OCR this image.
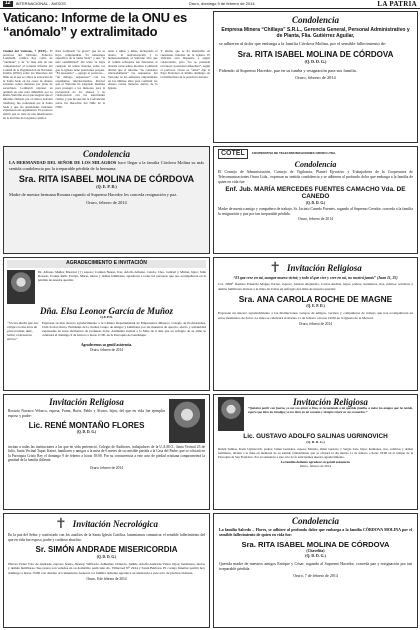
12	INTERNACIONAL - AVISOS	Oruro, domingo 9 de febrero de 2014	LA PATRIA
Vaticano: Informe de la ONU es “anómalo” y extralimitado
Ciudad del Vaticano, 7 (EFE).- El portavoz del Vaticano, Federico Lombardi, calificó hoy como de “anómalo” y de “ir más allá de sus competencias” el reciente informe del Comité de la Organización de Naciones Unidas (ONU) sobre los Derechos del Niño en el que se critica la actuación de la Santa Sede en los casos de abusos sexuales contra menores por parte de sacerdotes. Lombardi expresó su opinión en una nota difundida por la Radio Vaticano en el que aseguró que el informe, firmado por el relator, Kirsten Sandberg, fue contestado por la Santa Sede y que las autoridades vaticanas expusieron sus argumentos. El portavoz indicó que se trata de una interferencia en la doctrina de la Iglesia católica.
Para Lombardi “es grave” que no se haya comprendido “la naturaleza específica de la Santa Sede”, y que “la neta sensibilidad” del texto se haya centrado en temas morales sobre los que la Iglesia tiene posiciones propias. “Es necesario” —agregó el portavoz— “un diálogo respetuoso” con los organismos internacionales. Precisó que el Vaticano ha adoptado medidas para proteger a los menores, para la prevención de los abusos y su colaboración con las autoridades civiles, y que ha suscrito la Convención sobre los Derechos del Niño de la ONU.
tanto a niños y niñas, incluyendo el aborto, la anticoncepción y la homosexualidad, el Vaticano dice que el comité sobrepasa sus funciones al abordar estos temas morales. Lombardi afirmó que el informe “no considera adecuadamente” las respuestas del Vaticano ni los esfuerzos emprendidos en los últimos años para combatir los abusos contra menores dentro de la Iglesia.
Y afirma que se ha interferido en cuestiones internas de la Iglesia. El Vaticano está dispuesto a seguir colaborando, pero “no se pretende reconocer posiciones diferentes”, según el portavoz. Cristo es “amor” dijo el Papa Francisco el último domingo, en la misma línea de la posición vaticana.
Condolencia
Empresa Minera “Chillaya” S.R.L., Gerencia General, Personal Administrativo y de Planta, Flia. Gutiérrez Aguilar,
se adhieren al dolor que embarga a la familia Córdova Molina, por el sensible fallecimiento de:
Sra. RITA ISABEL MOLINA DE CÓRDOVA
(Q. D. D. G.)
Pidiendo al Supremo Hacedor, paz en su tumba y resignación para sus familia.
Oruro, febrero de 2014
Condolencia
LA HERMANDAD DEL SEÑOR DE LOS MILAGROS hace llegar a la familia Córdova Molina su más sentida condolencia por la irreparable pérdida de la hermana:
Sra. RITA ISABEL MOLINA DE CÓRDOVA
(Q. E. P. D.)
Madre de nuestra hermana Roxana rogando al Supremo Hacedor les conceda resignación y paz.
Oruro, febrero de 2014
COTEL	COOPERATIVA DE TELECOMUNICACIONES ORURO LTDA.
Condolencia
El Consejo de Administración, Consejo de Vigilancia, Plantel Ejecutivo y Trabajadores de la Cooperativa de Telecomunicaciones Oruro Ltda., expresan su sentida condolencia y se adhieren al profundo dolor que embarga a la familia de quien en vida fue:
Enf. Jub. MARÍA MERCEDES FUENTES CAMACHO Vda. DE CANEDO
(Q. D. D. G.)
Madre de nuestro amigo y compañero de trabajo, Sr. Jacinto Canedo Fuentes, rogando al Supremo Creador, conceda a la familia la resignación y paz por tan irreparable pérdida.
Oruro, febrero de 2014
AGRADECIMIENTO E INVITACIÓN
Dr. Alfonso Muñoz Marzani (†) esposo; Carmen Neusa, Iver, Adolfo Alfonso, Gloria, Cleo, Gabriel y Mirian, hijos; Julia Rosario, Ivonne Ruth, Evelyn, María, nietos y demás familiares, agradecen a todas las personas que nos acompañaron en la pérdida de nuestra querida:
Dña. Elsa Leonor García de Muñoz
Q.E.P.D.
“Si eres dueño que nos cobija en esta hora de gran tristeza, dale, Señor, el descanso eterno”
Expresan su más sincero agradecimiento a la Cámara Departamental de Empresarios Mineros, Colegio de Profesionales, Club Social Oruro, Entidades de la ciudad, Grupo de amigos y familiares por las muestras de aprecio, afecto y solidaridad expresadas en estos momentos de profundo dolor. Asimismo invitan a la Misa de 9 días que en sufragio de su alma se celebrará el domingo 9 de febrero a horas 11:00, en la Parroquia de Guadalupe.
Agradecemos su gentil asistencia.
Oruro, febrero de 2014
✝ Invitación Religiosa
“El que cree en mí, aunque muera vivirá; y todo el que vive y cree en mí, no morirá jamás” (Juan 11, 25)
Col. 2009ª. Ramiro Eduardo Magne Torres, esposo; Sansón Alejandro, Carlos Andrés, hijos; padres, hermanos, tíos, primos, sobrinos y demás familiares invitan a la misa de 9 días en sufragio del alma de nuestra querida:
Sra. ANA CAROLA ROCHE DE MAGNE
(Q. E. P. D.)
Expresan un sincero agradecimiento a las Instituciones, Grupos de amigos, vecinos y compañeros de trabajo que nos acompañaron en estos momentos de dolor. La misa se celebrará el martes 11 de febrero a horas 19:00 en la Iglesia de la Merced.
Oruro, febrero de 2014
Invitación Religiosa
Rosario Navarro Velasco, esposa; Franz, Boris, Pablo y Alvaro, hijos; del que en vida fue ejemplar esposo y padre:
Lic. RENÉ MONTAÑO FLORES
(Q. D. D. G.)
invitan a todas las instituciones a las que en vida perteneció, Colegio de Auditores, trabajadores de la U.A.M.O., Junta Vecinal 23 de Julio, Junta Vecinal Tupac Katari, familiares y amigos a la misa de 6 meses de su sensible partida a la Casa del Padre, que se oficiará en la Parroquia Cristo Rey el domingo 9 de febrero a horas 18:00. Por su concurrencia a este acto de piedad cristiana comprometerá la gratitud de la familia doliente.
Oruro, febrero de 2014
Invitación Religiosa
“Quisiera partir con fuerza, yo me veo mirar a Dios, te recomiendo a mi querida familia, a todos los amigos que he tenido, espero que Dios los bendiga; yo los llevo en mi corazón y siempre estaré en sus recuerdos.”
Lic. GUSTAVO ADOLFO SALINAS UGRINOVICH
(Q. D. D. G.)
Rubén Salinas, Karla Ugrinovich, padres; Lilian Gonzales, esposa; Mariela, Omar Gustavo y Sergio Luis, hijos; hermanos, tíos, sobrinos y demás familiares, invitan a la misa en memoria de su sentido fallecimiento que se oficiará el día martes 11 de febrero a horas 18:00 en el templo de la Parroquia de San Francisco. Por su asistencia a este acto de fe anticipamos nuestro agradecimiento.
La familia doliente agradece su gentil asistencia.
Oruro, febrero de 2014
✝ Invitación Necrológica
En la paz del Señor y confortado con los auxilios de la Santa Iglesia Católica, lamentamos comunicar el sensible fallecimiento del que en vida fue esposo, padre y cariñoso abuelito:
Sr. SIMÓN ANDRADE MISERICORDIA
(Q. D. D. G.)
Nieves Vélez Vda. de Andrade, esposa; Sonia, Jhonny, Wilfredo, Adhemar, Orlando, Judith, Adolfo Andrade Vélez, hijos; hermanos, nietos y demás familiares. Sus restos son velados en su domicilio particular Av. Villarroel N° 2224 y Santa Bárbara. El cortejo fúnebre partirá hoy domingo a horas 15:00 con destino al Cementerio General. La familia doliente agradece su asistencia a este acto de piedad cristiana.
Oruro, 8 de febrero de 2014
Condolencia
La familia Salcedo – Flores, se adhiere al profundo dolor que embarga a la familia CÓRDOVA MOLINA por el sensible fallecimiento de quien en vida fue:
Sra. RITA ISABEL MOLINA DE CÓRDOVA
(Chavelita)
(Q. D. D. G.)
Querida madre de nuestros amigos Enrique y César, rogando al Supremo Hacedor, conceda paz y resignación por tan irreparable pérdida.
Oruro, 7 de febrero de 2014
